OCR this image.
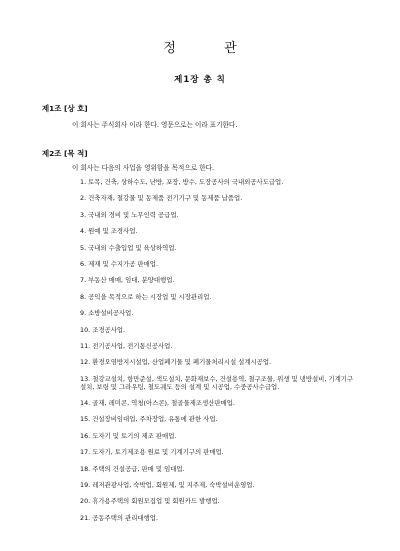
정 관
제1장 총 칙
제1조 [상 호]
이 회사는 주식회사 이라 한다. 영문으로는 이라 표기한다.
제2조 [목 적]
이 회사는 다음의 사업을 영위함을 목적으로 한다.
1. 토목, 건축, 상하수도, 난방, 포장, 방수, 도장공사의 국내외공사도급업.
2. 건축자재, 철강물 및 동제품 전기기구 및 동제품 납품업.
3. 국내외 경비 및 노무인력 공급업.
4. 원예 및 조경사업.
5. 국내외 수출입업 및 육상하역업.
6. 제재 및 수지가공 판매업.
7. 부동산 매매, 임대, 분양대행업.
8. 공익을 목적으로 하는 시장업 및 시장관리업.
9. 소방설비공사업.
10. 조경공사업.
11. 전기공사업, 전기통신공사업.
12. 환경오염방지시설업, 산업폐기물 및 폐기물처리시설 설계시공업.
13. 철강교설치, 항만준설, 색도설치, 문화재보수, 건설용역, 철구조물, 위생 및 냉방설비, 기계기구설치, 보링 및 그라우팅, 철도궤도 등의 설계 및 시공업, 수중공사수급업.
14. 골재, 레미콘, 역청(아스콘), 철골물제조생산판매업.
15. 건설장비임대업, 주차장업, 유통에 관한 사업.
16. 도자기 및 토기의 제조 판매업.
17. 도자기, 토기제조용 원료 및 기계기구의 판매업.
18. 주택의 건설공급, 판매 및 임대업.
19. 레저관광사업, 숙박업, 회원제, 및 지주제, 숙박설비운영업.
20. 휴가용주택의 회원모집업 및 회원카드 발행업.
21. 공동주택의 관리대행업.
